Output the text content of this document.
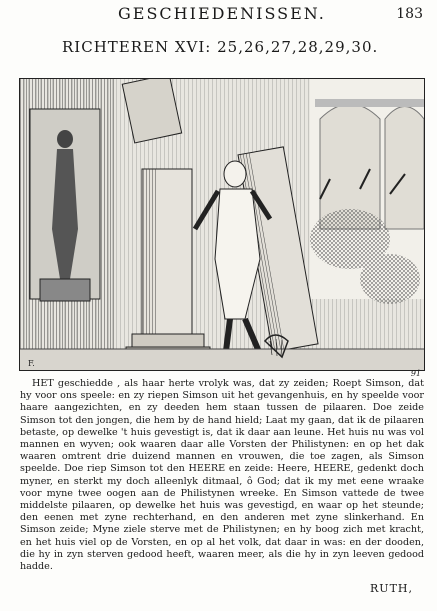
GESCHIEDENISSEN.	183
RICHTEREN XVI: 25,26,27,28,29,30.
F.
91

HET geschiedde , als haar herte vrolyk was, dat zy zeiden; Roept Simson, dat hy voor ons speele: en zy riepen Simson uit het gevangenhuis, en hy speelde voor haare aangezichten, en zy deeden hem staan tussen de pilaaren. Doe zeide Simson tot den jongen, die hem by de hand hield; Laat my gaan, dat ik de pilaaren betaste, op dewelke 't huis gevestigt is, dat ik daar aan leune. Het huis nu was vol mannen en wyven; ook waaren daar alle Vorsten der Philistynen: en op het dak waaren omtrent drie duizend mannen en vrouwen, die toe zagen, als Simson speelde. Doe riep Simson tot den HEERE en zeide: Heere, HEERE, gedenkt doch myner, en sterkt my doch alleenlyk ditmaal, ô God; dat ik my met eene wraake voor myne twee oogen aan de Philistynen wreeke. En Simson vattede de twee middelste pilaaren, op dewelke het huis was gevestigd, en waar op het steunde; den eenen met zyne rechterhand, en den anderen met zyne slinkerhand. En Simson zeide; Myne ziele sterve met de Philistynen; en hy boog zich met kracht, en het huis viel op de Vorsten, en op al het volk, dat daar in was: en der dooden, die hy in zyn sterven gedood heeft, waaren meer, als die hy in zyn leeven gedood hadde.

RUTH,
